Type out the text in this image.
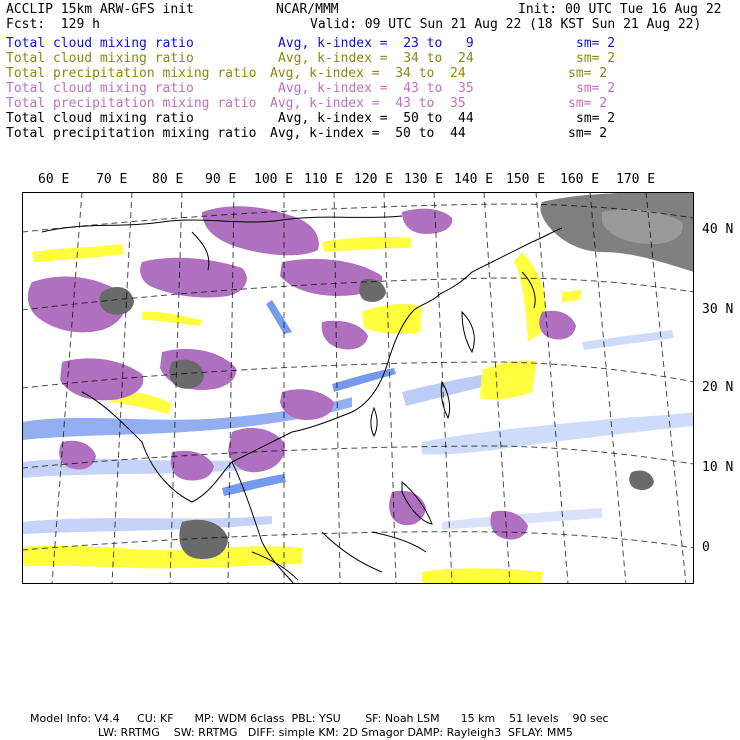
ACCLIP 15km ARW-GFS init	NCAR/MMM	Init: 00 UTC Tue 16 Aug 22
Fcst:  129 h	Valid: 09 UTC Sun 21 Aug 22 (18 KST Sun 21 Aug 22)
Total cloud mixing ratio	Avg, k-index =  23 to   9	sm= 2
Total cloud mixing ratio	Avg, k-index =  34 to  24	sm= 2
Total precipitation mixing ratio Avg, k-index =  34 to  24	sm= 2
Total cloud mixing ratio	Avg, k-index =  43 to  35	sm= 2
Total precipitation mixing ratio Avg, k-index =  43 to  35	sm= 2
Total cloud mixing ratio	Avg, k-index =  50 to  44	sm= 2
Total precipitation mixing ratio Avg, k-index =  50 to  44	sm= 2
60 E 70 E 80 E 90 E 100 E 110 E 120 E 130 E 140 E 150 E 160 E 170 E
40 N
30 N
20 N
10 N
0
Model Info: V4.4     CU: KF      MP: WDM 6class  PBL: YSU       SF: Noah LSM      15 km    51 levels    90 sec
LW: RRTMG    SW: RRTMG   DIFF: simple KM: 2D Smagor DAMP: Rayleigh3  SFLAY: MM5
